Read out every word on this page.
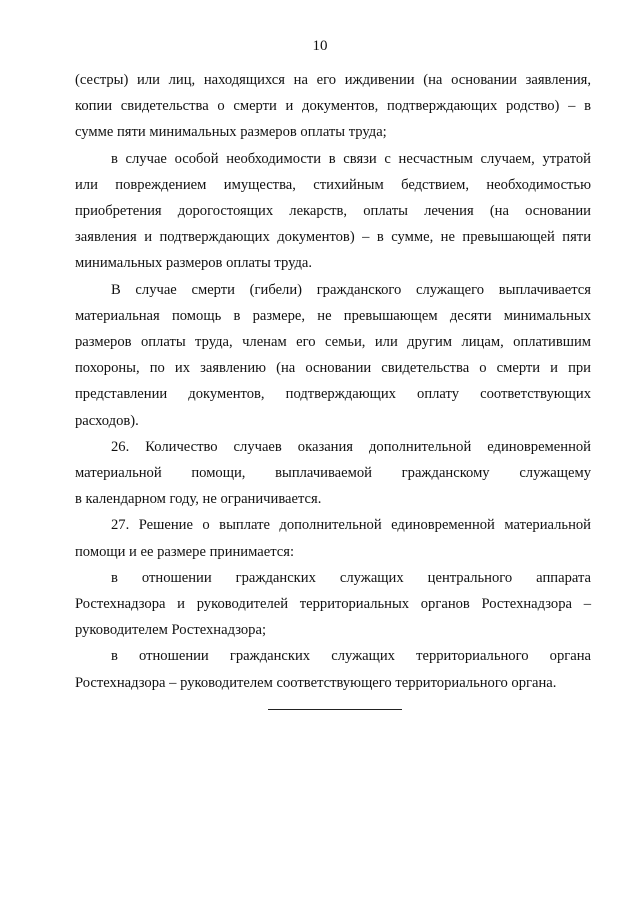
10

(сестры) или лиц, находящихся на его иждивении (на основании заявления,
копии свидетельства о смерти и документов, подтверждающих родство) – в
сумме пяти минимальных размеров оплаты труда;

в случае особой необходимости в связи с несчастным случаем, утратой
или повреждением имущества, стихийным бедствием, необходимостью
приобретения дорогостоящих лекарств, оплаты лечения (на основании
заявления и подтверждающих документов) – в сумме, не превышающей пяти
минимальных размеров оплаты труда.

В случае смерти (гибели) гражданского служащего выплачивается
материальная помощь в размере, не превышающем десяти минимальных
размеров оплаты труда, членам его семьи, или другим лицам, оплатившим
похороны, по их заявлению (на основании свидетельства о смерти и при
представлении документов, подтверждающих оплату соответствующих
расходов).

26. Количество случаев оказания дополнительной единовременной
материальной помощи, выплачиваемой гражданскому служащему
в календарном году, не ограничивается.

27. Решение о выплате дополнительной единовременной материальной
помощи и ее размере принимается:

в отношении гражданских служащих центрального аппарата
Ростехнадзора и руководителей территориальных органов Ростехнадзора –
руководителем Ростехнадзора;

в отношении гражданских служащих территориального органа
Ростехнадзора – руководителем соответствующего территориального органа.
